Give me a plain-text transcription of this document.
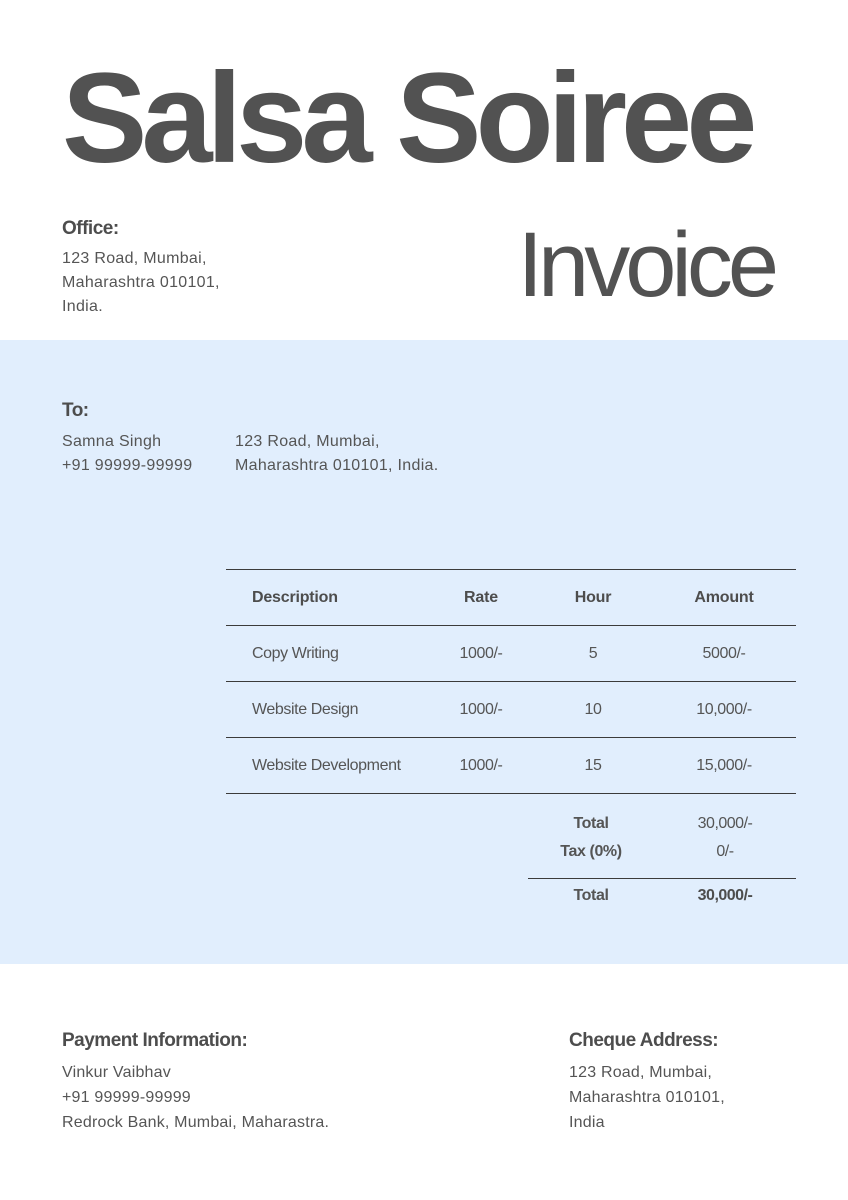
Salsa Soiree
Office:
123 Road, Mumbai,
Maharashtra 010101,
India.	Invoice
To:
Samna Singh
+91 99999-99999
123 Road, Mumbai,
Maharashtra 010101, India.
Description	Rate	Hour	Amount
Copy Writing	1000/-	5	5000/-
Website Design	1000/-	10	10,000/-
Website Development	1000/-	15	15,000/-
Total	30,000/-
Tax (0%)	0/-
Total	30,000/-
Payment Information:
Vinkur Vaibhav
+91 99999-99999
Redrock Bank, Mumbai, Maharastra.
Cheque Address:
123 Road, Mumbai,
Maharashtra 010101,
India
